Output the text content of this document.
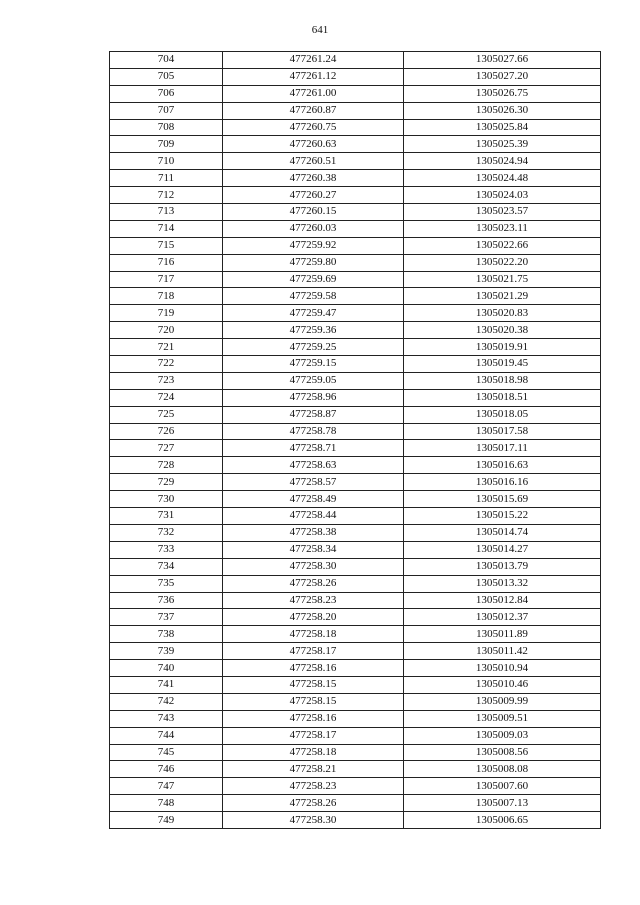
641
704	477261.24	1305027.66
705	477261.12	1305027.20
706	477261.00	1305026.75
707	477260.87	1305026.30
708	477260.75	1305025.84
709	477260.63	1305025.39
710	477260.51	1305024.94
711	477260.38	1305024.48
712	477260.27	1305024.03
713	477260.15	1305023.57
714	477260.03	1305023.11
715	477259.92	1305022.66
716	477259.80	1305022.20
717	477259.69	1305021.75
718	477259.58	1305021.29
719	477259.47	1305020.83
720	477259.36	1305020.38
721	477259.25	1305019.91
722	477259.15	1305019.45
723	477259.05	1305018.98
724	477258.96	1305018.51
725	477258.87	1305018.05
726	477258.78	1305017.58
727	477258.71	1305017.11
728	477258.63	1305016.63
729	477258.57	1305016.16
730	477258.49	1305015.69
731	477258.44	1305015.22
732	477258.38	1305014.74
733	477258.34	1305014.27
734	477258.30	1305013.79
735	477258.26	1305013.32
736	477258.23	1305012.84
737	477258.20	1305012.37
738	477258.18	1305011.89
739	477258.17	1305011.42
740	477258.16	1305010.94
741	477258.15	1305010.46
742	477258.15	1305009.99
743	477258.16	1305009.51
744	477258.17	1305009.03
745	477258.18	1305008.56
746	477258.21	1305008.08
747	477258.23	1305007.60
748	477258.26	1305007.13
749	477258.30	1305006.65
